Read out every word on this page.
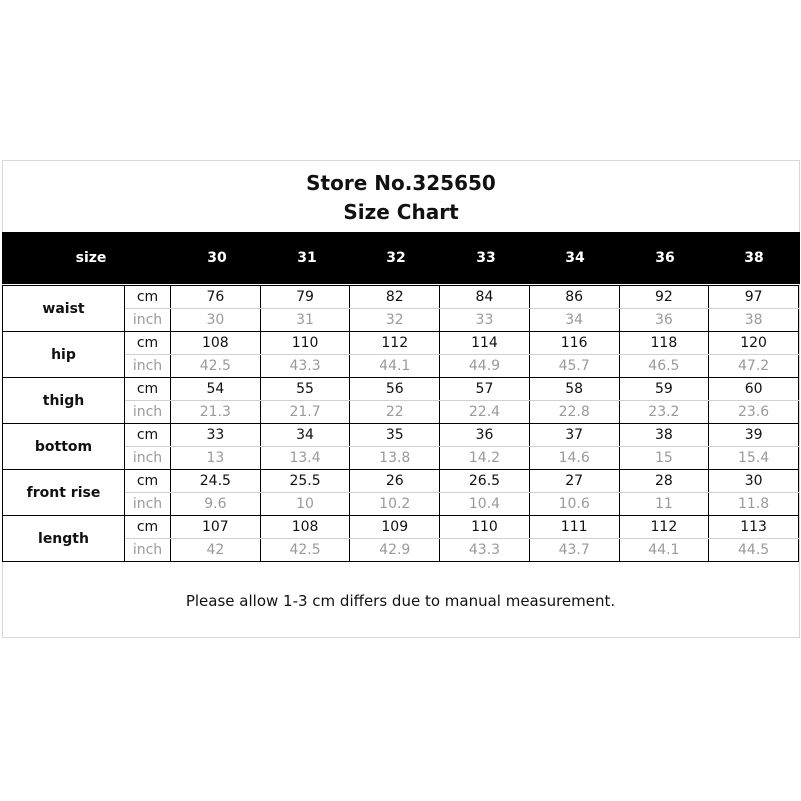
Store No.325650
Size Chart
size	30	31	32	33	34	36	38
waist	cm	76	79	82	84	86	92	97
	inch	30	31	32	33	34	36	38
hip	cm	108	110	112	114	116	118	120
	inch	42.5	43.3	44.1	44.9	45.7	46.5	47.2
thigh	cm	54	55	56	57	58	59	60
	inch	21.3	21.7	22	22.4	22.8	23.2	23.6
bottom	cm	33	34	35	36	37	38	39
	inch	13	13.4	13.8	14.2	14.6	15	15.4
front rise	cm	24.5	25.5	26	26.5	27	28	30
	inch	9.6	10	10.2	10.4	10.6	11	11.8
length	cm	107	108	109	110	111	112	113
	inch	42	42.5	42.9	43.3	43.7	44.1	44.5
Please allow 1-3 cm differs due to manual measurement.
